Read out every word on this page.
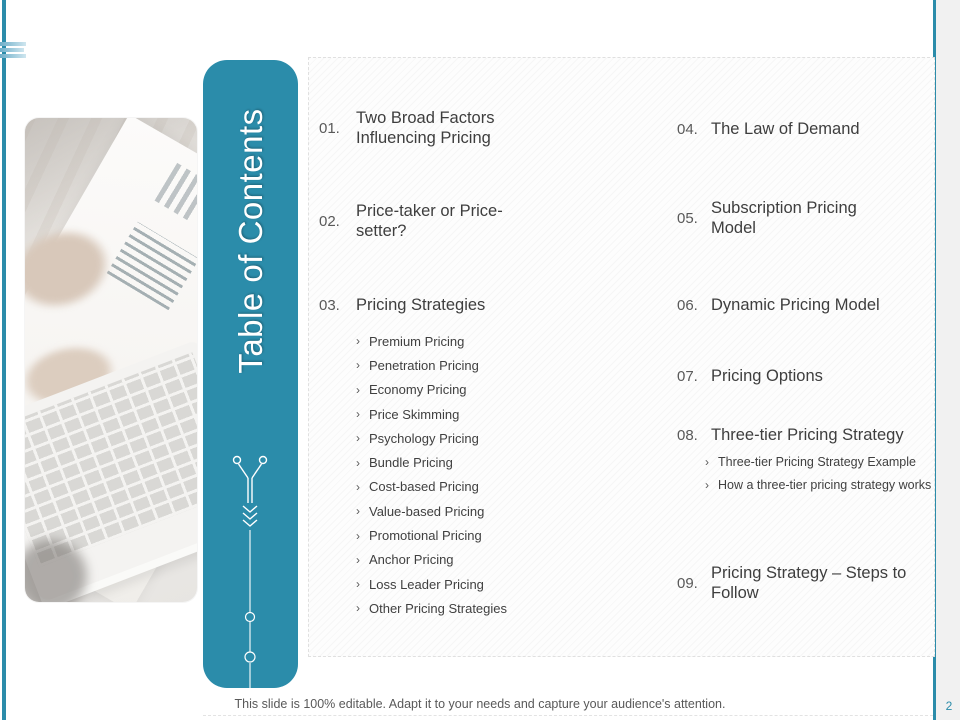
Table of Contents	01.
Two Broad Factors Influencing Pricing
02.
Price-taker or Price-setter?
03. Pricing Strategies
› Premium Pricing
› Penetration Pricing
› Economy Pricing
› Price Skimming
› Psychology Pricing
› Bundle Pricing
› Cost-based Pricing
› Value-based Pricing
› Promotional Pricing
› Anchor Pricing
› Loss Leader Pricing
› Other Pricing Strategies
04. The Law of Demand
05.
Subscription Pricing Model
06. Dynamic Pricing Model
07. Pricing Options
08. Three-tier Pricing Strategy
› Three-tier Pricing Strategy Example
› How a three-tier pricing strategy works
09.
Pricing Strategy – Steps to Follow
This slide is 100% editable. Adapt it to your needs and capture your audience's attention.	2
